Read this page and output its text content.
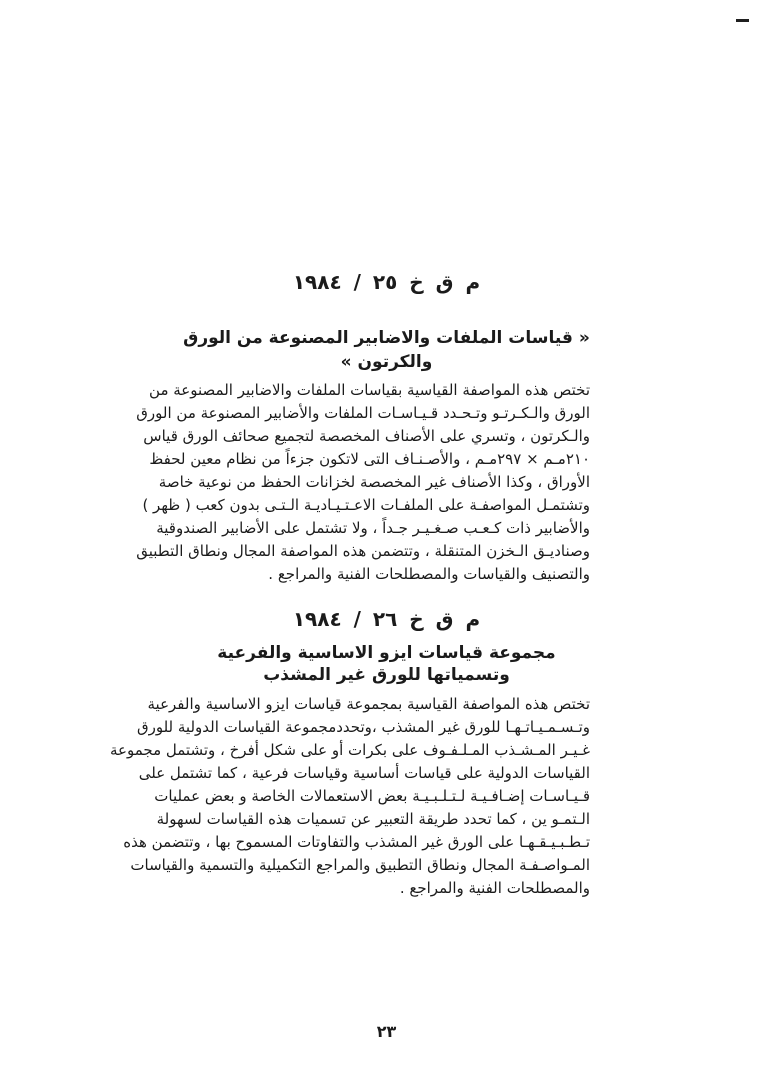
م ق خ ٢٥ / ١٩٨٤
« قياسات الملفات والاضابير المصنوعة من الورق والكرتون »

تختص هذه المواصفة القياسية بقياسات الملفات والاضابير المصنوعة من

الورق والـكـرتـو وتـحـدد قـيـاسـات الملفات والأضابير المصنوعة من الورق

والـكرتون ، وتسري على الأصناف المخصصة لتجميع صحائف الورق قياس

٢١٠مـم × ٢٩٧مـم ، والأصـنـاف التى لاتكون جزءاً من نظام معين لحفظ

الأوراق ، وكذا الأصناف غير المخصصة لخزانات الحفظ من نوعية خاصة

وتشتمـل المواصفـة على الملفـات الاعـتـيـاديـة الـتـى بدون كعب ( ظهر )

والأضابير ذات كـعـب صـغـيـر جـداً ، ولا تشتمل على الأضابير الصندوقية

وصناديـق الـخزن المتنقلة ، وتتضمن هذه المواصفة المجال ونطاق التطبيق

والتصنيف والقياسات والمصطلحات الفنية والمراجع .

م ق خ ٢٦ / ١٩٨٤
مجموعة قياسات ايزو الاساسية والفرعية
وتسمياتها للورق غير المشذب

تختص هذه المواصفة القياسية بمجموعة قياسات ايزو الاساسية والفرعية

وتـسـمـيـاتـهـا للورق غير المشذب ،وتحددمجموعة القياسات الدولية للورق

غـيـر المـشـذب المـلـفـوف على بكرات أو على شكل أفرخ ، وتشتمل مجموعة

القياسات الدولية على قياسات أساسية وقياسات فرعية ، كما تشتمل على

قـيـاسـات إضـافـيـة لـتـلـبـيـة بعض الاستعمالات الخاصة و بعض عمليات

الـتمـو ين ، كما تحدد طريقة التعبير عن تسميات هذه القياسات لسهولة

تـطـبـيـقـهـا على الورق غير المشذب والتفاوتات المسموح بها ، وتتضمن هذه

المـواصـفـة المجال ونطاق التطبيق والمراجع التكميلية والتسمية والقياسات

والمصطلحات الفنية والمراجع .

٢٣
